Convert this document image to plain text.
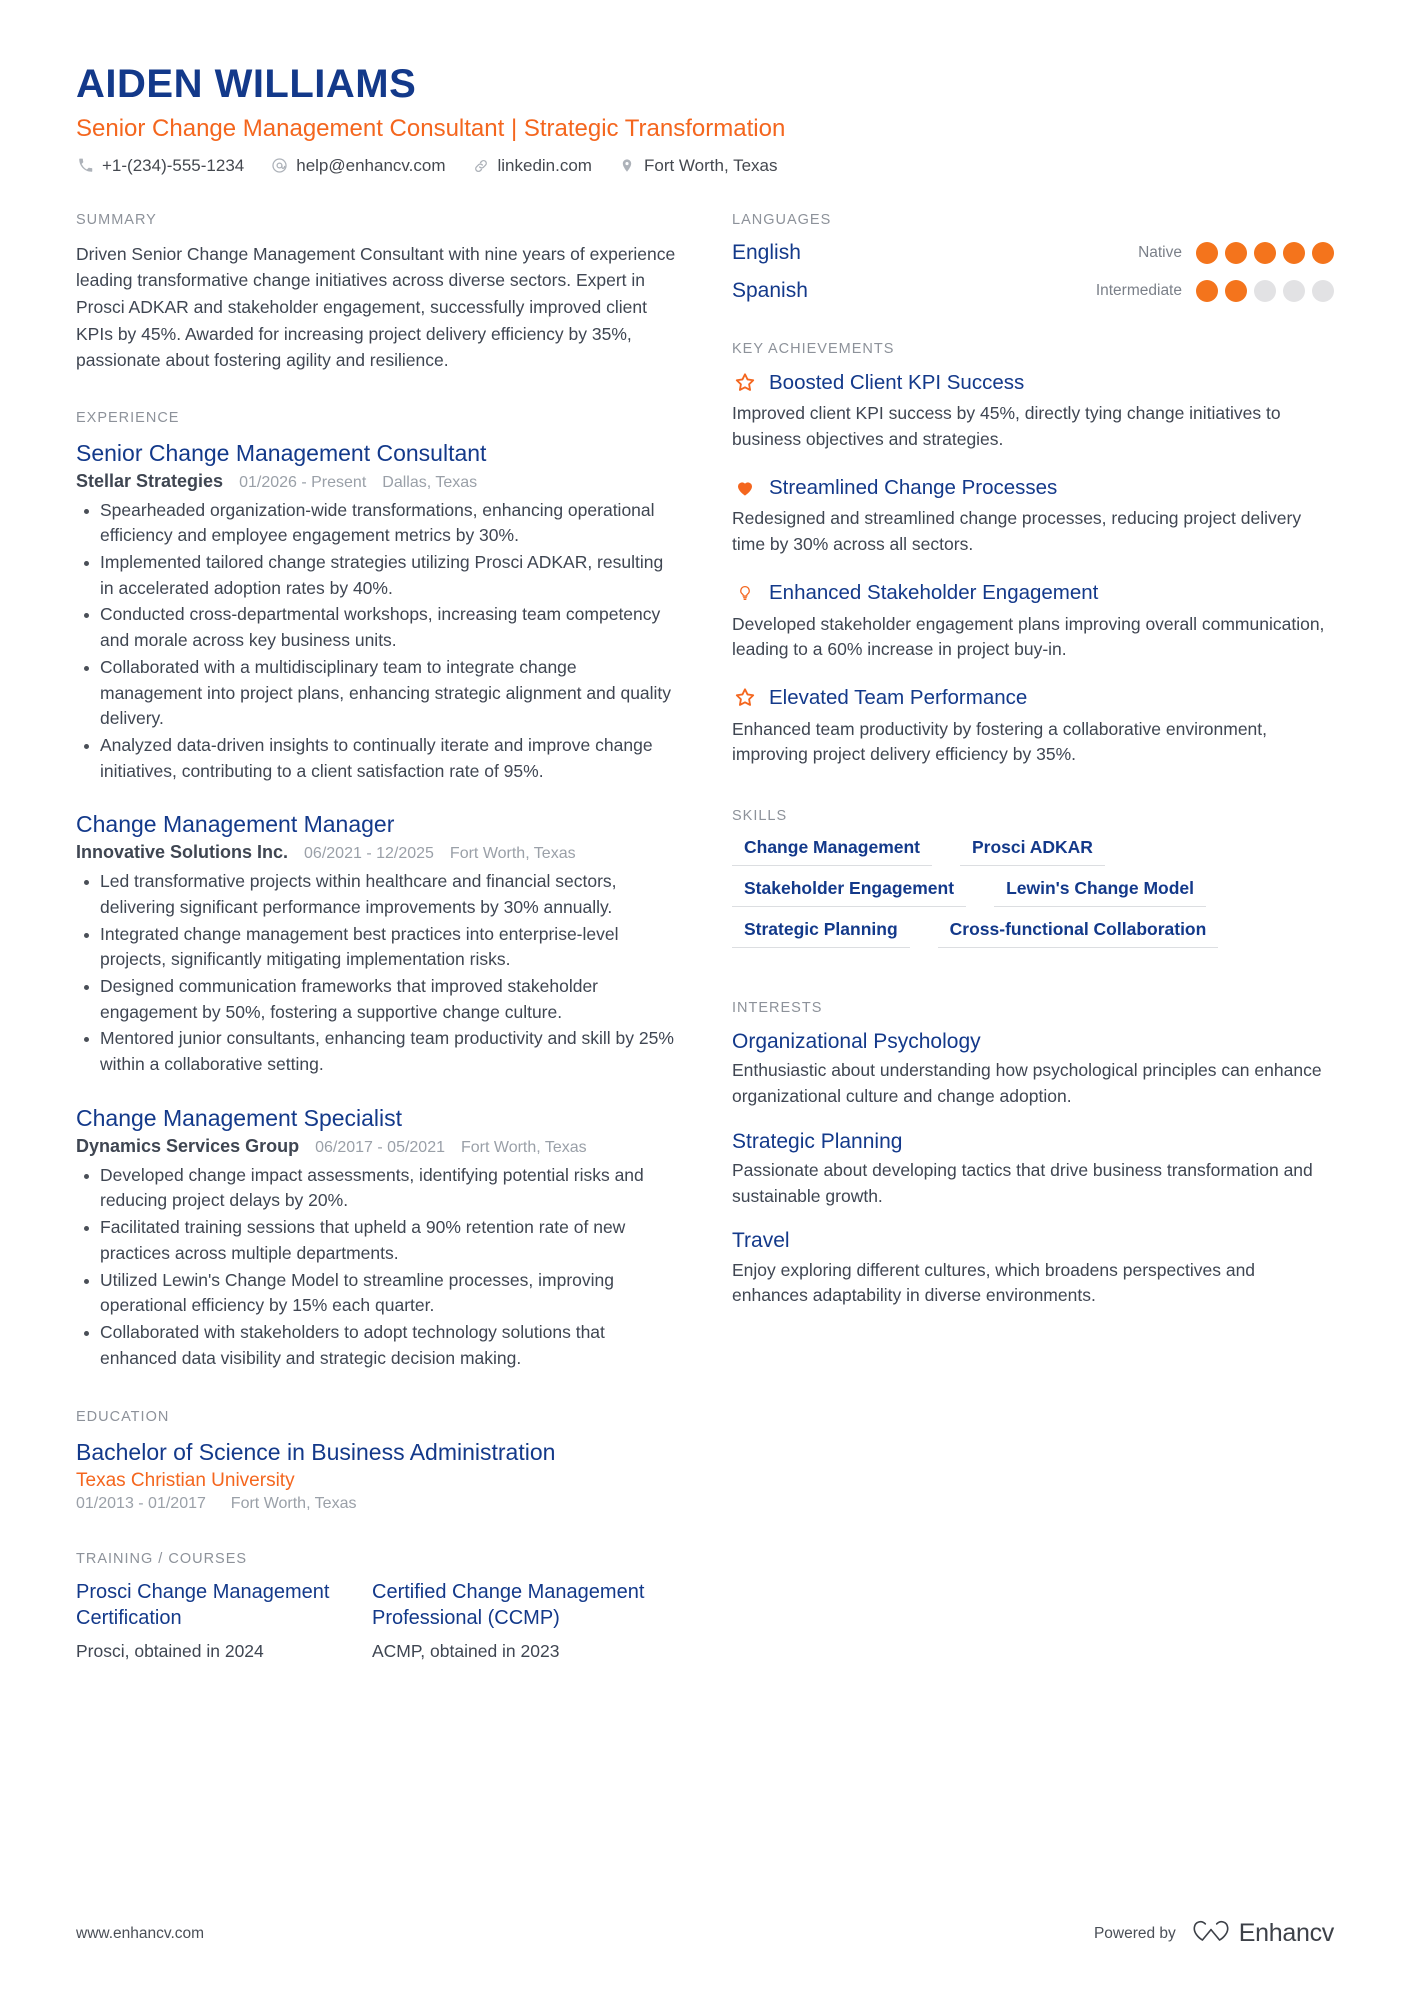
AIDEN WILLIAMS
Senior Change Management Consultant | Strategic Transformation
+1-(234)-555-1234	help@enhancv.com	linkedin.com	Fort Worth, Texas
SUMMARY
Driven Senior Change Management Consultant with nine years of experience leading transformative change initiatives across diverse sectors. Expert in Prosci ADKAR and stakeholder engagement, successfully improved client KPIs by 45%. Awarded for increasing project delivery efficiency by 35%, passionate about fostering agility and resilience.
EXPERIENCE
Senior Change Management Consultant
Stellar Strategies 01/2026 - Present Dallas, Texas
Spearheaded organization-wide transformations, enhancing operational efficiency and employee engagement metrics by 30%.
Implemented tailored change strategies utilizing Prosci ADKAR, resulting in accelerated adoption rates by 40%.
Conducted cross-departmental workshops, increasing team competency and morale across key business units.
Collaborated with a multidisciplinary team to integrate change management into project plans, enhancing strategic alignment and quality delivery.
Analyzed data-driven insights to continually iterate and improve change initiatives, contributing to a client satisfaction rate of 95%.
Change Management Manager
Innovative Solutions Inc. 06/2021 - 12/2025 Fort Worth, Texas
Led transformative projects within healthcare and financial sectors, delivering significant performance improvements by 30% annually.
Integrated change management best practices into enterprise-level projects, significantly mitigating implementation risks.
Designed communication frameworks that improved stakeholder engagement by 50%, fostering a supportive change culture.
Mentored junior consultants, enhancing team productivity and skill by 25% within a collaborative setting.
Change Management Specialist
Dynamics Services Group 06/2017 - 05/2021 Fort Worth, Texas
Developed change impact assessments, identifying potential risks and reducing project delays by 20%.
Facilitated training sessions that upheld a 90% retention rate of new practices across multiple departments.
Utilized Lewin's Change Model to streamline processes, improving operational efficiency by 15% each quarter.
Collaborated with stakeholders to adopt technology solutions that enhanced data visibility and strategic decision making.
EDUCATION
Bachelor of Science in Business Administration
Texas Christian University
01/2013 - 01/2017 Fort Worth, Texas
TRAINING / COURSES
Prosci Change Management Certification
Prosci, obtained in 2024
Certified Change Management Professional (CCMP)
ACMP, obtained in 2023
LANGUAGES
English	Native
Spanish	Intermediate
KEY ACHIEVEMENTS
Boosted Client KPI Success
Improved client KPI success by 45%, directly tying change initiatives to business objectives and strategies.
Streamlined Change Processes
Redesigned and streamlined change processes, reducing project delivery time by 30% across all sectors.
Enhanced Stakeholder Engagement
Developed stakeholder engagement plans improving overall communication, leading to a 60% increase in project buy-in.
Elevated Team Performance
Enhanced team productivity by fostering a collaborative environment, improving project delivery efficiency by 35%.
SKILLS
Change Management	Prosci ADKAR
Stakeholder Engagement	Lewin's Change Model
Strategic Planning	Cross-functional Collaboration
INTERESTS
Organizational Psychology
Enthusiastic about understanding how psychological principles can enhance organizational culture and change adoption.
Strategic Planning
Passionate about developing tactics that drive business transformation and sustainable growth.
Travel
Enjoy exploring different cultures, which broadens perspectives and enhances adaptability in diverse environments.
www.enhancv.com	Powered by	Enhancv
